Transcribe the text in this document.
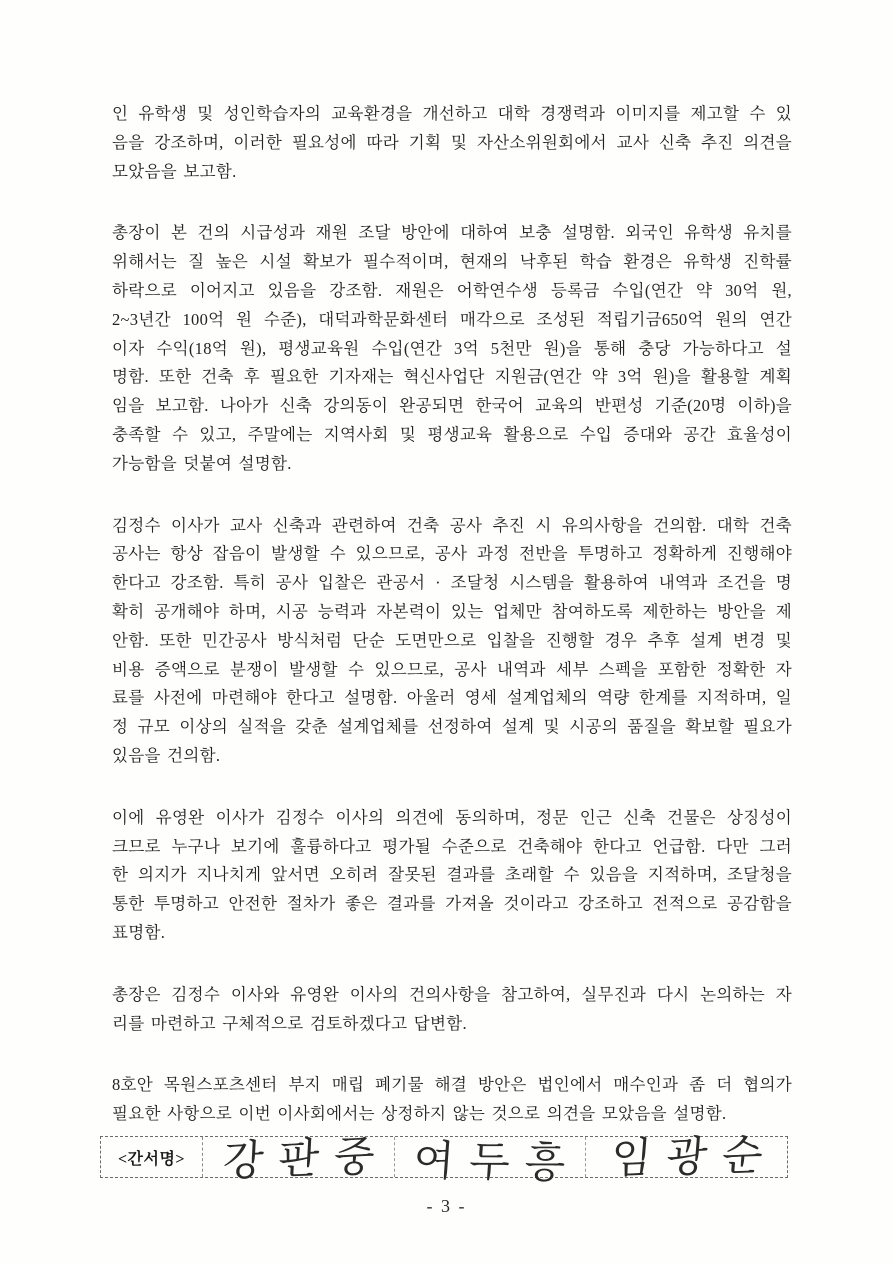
인 유학생 및 성인학습자의 교육환경을 개선하고 대학 경쟁력과 이미지를 제고할 수 있
음을 강조하며, 이러한 필요성에 따라 기획 및 자산소위원회에서 교사 신축 추진 의견을
모았음을 보고함.
총장이 본 건의 시급성과 재원 조달 방안에 대하여 보충 설명함. 외국인 유학생 유치를
위해서는 질 높은 시설 확보가 필수적이며, 현재의 낙후된 학습 환경은 유학생 진학률
하락으로 이어지고 있음을 강조함. 재원은 어학연수생 등록금 수입(연간 약 30억 원,
2~3년간 100억 원 수준), 대덕과학문화센터 매각으로 조성된 적립기금650억 원의 연간
이자 수익(18억 원), 평생교육원 수입(연간 3억 5천만 원)을 통해 충당 가능하다고 설
명함. 또한 건축 후 필요한 기자재는 혁신사업단 지원금(연간 약 3억 원)을 활용할 계획
임을 보고함. 나아가 신축 강의동이 완공되면 한국어 교육의 반편성 기준(20명 이하)을
충족할 수 있고, 주말에는 지역사회 및 평생교육 활용으로 수입 증대와 공간 효율성이
가능함을 덧붙여 설명함.
김정수 이사가 교사 신축과 관련하여 건축 공사 추진 시 유의사항을 건의함. 대학 건축
공사는 항상 잡음이 발생할 수 있으므로, 공사 과정 전반을 투명하고 정확하게 진행해야
한다고 강조함. 특히 공사 입찰은 관공서 · 조달청 시스템을 활용하여 내역과 조건을 명
확히 공개해야 하며, 시공 능력과 자본력이 있는 업체만 참여하도록 제한하는 방안을 제
안함. 또한 민간공사 방식처럼 단순 도면만으로 입찰을 진행할 경우 추후 설계 변경 및
비용 증액으로 분쟁이 발생할 수 있으므로, 공사 내역과 세부 스펙을 포함한 정확한 자
료를 사전에 마련해야 한다고 설명함. 아울러 영세 설계업체의 역량 한계를 지적하며, 일
정 규모 이상의 실적을 갖춘 설계업체를 선정하여 설계 및 시공의 품질을 확보할 필요가
있음을 건의함.
이에 유영완 이사가 김정수 이사의 의견에 동의하며, 정문 인근 신축 건물은 상징성이
크므로 누구나 보기에 훌륭하다고 평가될 수준으로 건축해야 한다고 언급함. 다만 그러
한 의지가 지나치게 앞서면 오히려 잘못된 결과를 초래할 수 있음을 지적하며, 조달청을
통한 투명하고 안전한 절차가 좋은 결과를 가져올 것이라고 강조하고 전적으로 공감함을
표명함.
총장은 김정수 이사와 유영완 이사의 건의사항을 참고하여, 실무진과 다시 논의하는 자
리를 마련하고 구체적으로 검토하겠다고 답변함.
8호안 목원스포츠센터 부지 매립 폐기물 해결 방안은 법인에서 매수인과 좀 더 협의가
필요한 사항으로 이번 이사회에서는 상정하지 않는 것으로 의견을 모았음을 설명함.
<간서명> 강판중 여두흥 임광순
- 3 -
